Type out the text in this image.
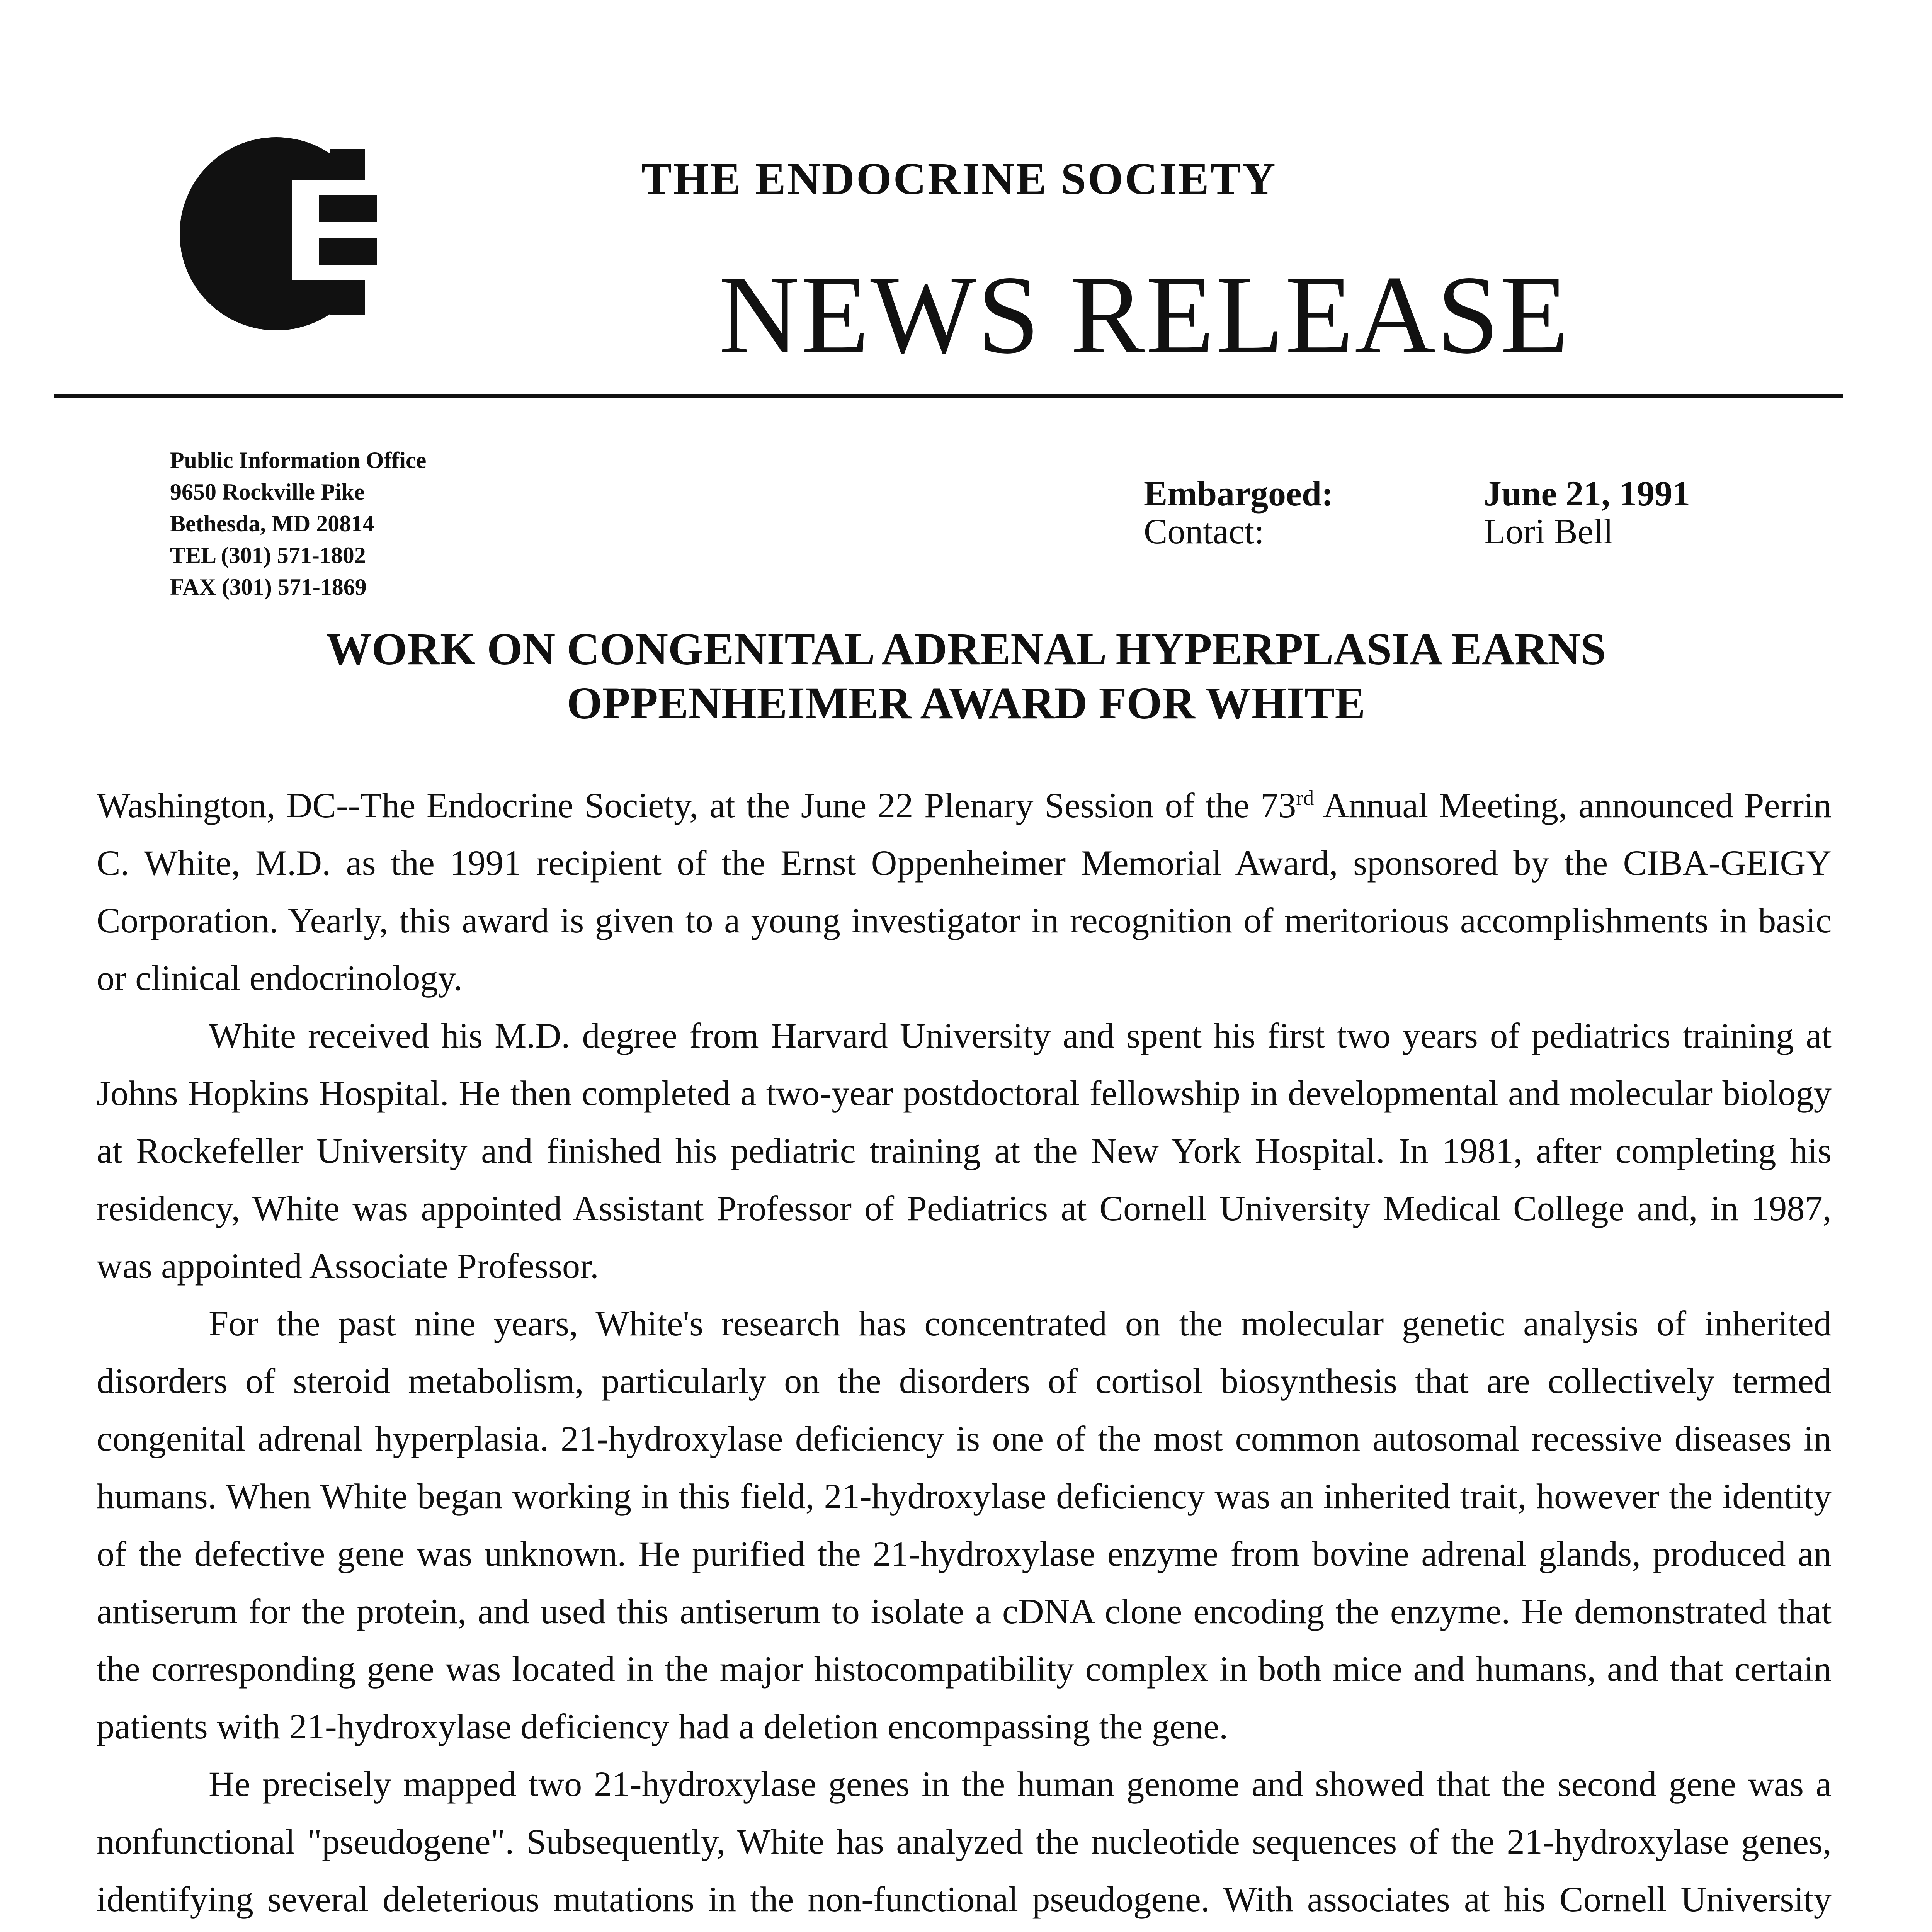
THE ENDOCRINE SOCIETY
NEWS RELEASE
Public Information Office
9650 Rockville Pike
Bethesda, MD 20814
TEL (301) 571-1802
FAX (301) 571-1869
Embargoed:	June 21, 1991
Contact:	Lori Bell
WORK ON CONGENITAL ADRENAL HYPERPLASIA EARNS
OPPENHEIMER AWARD FOR WHITE

Washington, DC--The Endocrine Society, at the June 22 Plenary Session of the 73rd Annual Meeting, announced Perrin C. White, M.D. as the 1991 recipient of the Ernst Oppenheimer Memorial Award, sponsored by the CIBA-GEIGY Corporation. Yearly, this award is given to a young investigator in recognition of meritorious accomplishments in basic or clinical endocrinology.

White received his M.D. degree from Harvard University and spent his first two years of pediatrics training at Johns Hopkins Hospital. He then completed a two-year postdoctoral fellowship in developmental and molecular biology at Rockefeller University and finished his pediatric training at the New York Hospital. In 1981, after completing his residency, White was appointed Assistant Professor of Pediatrics at Cornell University Medical College and, in 1987, was appointed Associate Professor.

For the past nine years, White's research has concentrated on the molecular genetic analysis of inherited disorders of steroid metabolism, particularly on the disorders of cortisol biosynthesis that are collectively termed congenital adrenal hyperplasia. 21-hydroxylase deficiency is one of the most common autosomal recessive diseases in humans. When White began working in this field, 21-hydroxylase deficiency was an inherited trait, however the identity of the defective gene was unknown. He purified the 21-hydroxylase enzyme from bovine adrenal glands, produced an antiserum for the protein, and used this antiserum to isolate a cDNA clone encoding the enzyme. He demonstrated that the corresponding gene was located in the major histocompatibility complex in both mice and humans, and that certain patients with 21-hydroxylase deficiency had a deletion encompassing the gene.

He precisely mapped two 21-hydroxylase genes in the human genome and showed that the second gene was a nonfunctional "pseudogene". Subsequently, White has analyzed the nucleotide sequences of the 21-hydroxylase genes, identifying several deleterious mutations in the non-functional pseudogene. With associates at his Cornell University
